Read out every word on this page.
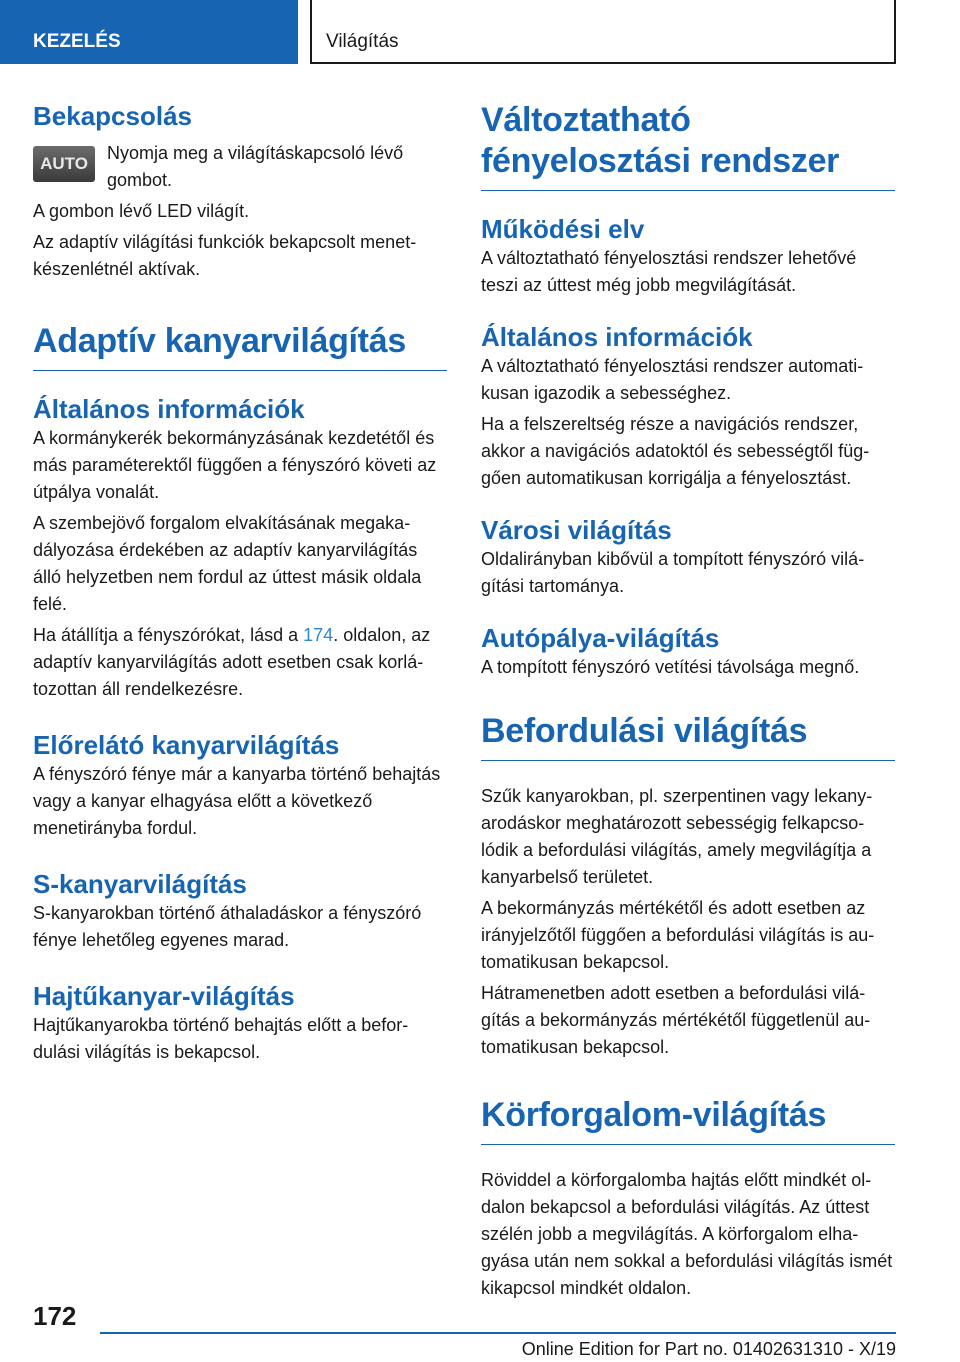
KEZELÉS	Világítás
Bekapcsolás
AUTO

Nyomja meg a világításkapcsoló lévő gombot.

A gombon lévő LED világít.

Az adaptív világítási funkciók bekapcsolt menetkészenlétnél aktívak.

Adaptív kanyarvilágítás
Általános információk

A kormánykerék bekormányzásának kezdetétől és más paraméterektől függően a fényszóró követi az útpálya vonalát.

A szembejövő forgalom elvakításának megakadályozása érdekében az adaptív kanyarvilágítás álló helyzetben nem fordul az úttest másik oldala felé.

Ha átállítja a fényszórókat, lásd a 174. oldalon, az adaptív kanyarvilágítás adott esetben csak korlátozottan áll rendelkezésre.

Előrelátó kanyarvilágítás

A fényszóró fénye már a kanyarba történő behajtás vagy a kanyar elhagyása előtt a következő menetirányba fordul.

S-kanyarvilágítás

S-kanyarokban történő áthaladáskor a fényszóró fénye lehetőleg egyenes marad.

Hajtűkanyar-világítás

Hajtűkanyarokba történő behajtás előtt a befordulási világítás is bekapcsol.

Változtatható fényelosztási rendszer
Működési elv

A változtatható fényelosztási rendszer lehetővé teszi az úttest még jobb megvilágítását.

Általános információk

A változtatható fényelosztási rendszer automatikusan igazodik a sebességhez.

Ha a felszereltség része a navigációs rendszer, akkor a navigációs adatoktól és sebességtől függően automatikusan korrigálja a fényelosztást.

Városi világítás

Oldalirányban kibővül a tompított fényszóró világítási tartománya.

Autópálya-világítás

A tompított fényszóró vetítési távolsága megnő.

Befordulási világítás

Szűk kanyarokban, pl. szerpentinen vagy lekanyarodáskor meghatározott sebességig felkapcsolódik a befordulási világítás, amely megvilágítja a kanyarbelső területet.

A bekormányzás mértékétől és adott esetben az irányjelzőtől függően a befordulási világítás is automatikusan bekapcsol.

Hátramenetben adott esetben a befordulási világítás a bekormányzás mértékétől függetlenül automatikusan bekapcsol.

Körforgalom-világítás

Röviddel a körforgalomba hajtás előtt mindkét oldalon bekapcsol a befordulási világítás. Az úttest szélén jobb a megvilágítás. A körforgalom elhagyása után nem sokkal a befordulási világítás ismét kikapcsol mindkét oldalon.

172
Online Edition for Part no. 01402631310 - X/19
